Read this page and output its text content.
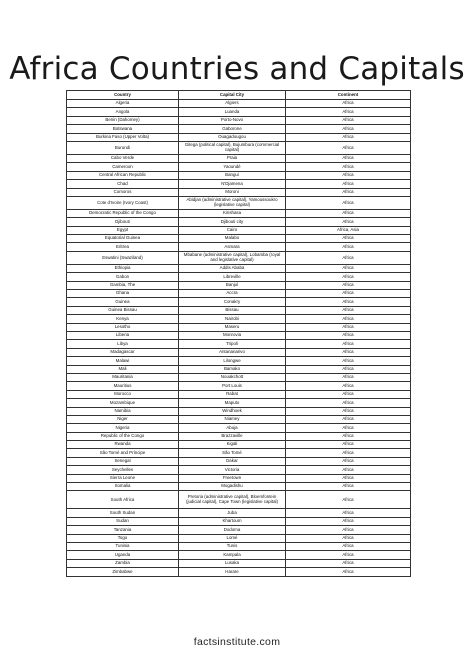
Africa Countries and Capitals
Country	Capital City	Continent
Algeria	Algiers	Africa
Angola	Luanda	Africa
Benin (Dahomey)	Porto-Novo	Africa
Botswana	Gaborone	Africa
Burkina Faso (Upper Volta)	Ouagadougou	Africa
Burundi	Gitega (political capital), Bujumbura (commercial capital)	Africa
Cabo Verde	Praia	Africa
Cameroon	Yaoundé	Africa
Central African Republic	Bangui	Africa
Chad	N'Djamena	Africa
Comoros	Moroni	Africa
Cote d'Ivoire (Ivory Coast)	Abidjan (administrative capital), Yamoussoukro (legislative capital)	Africa
Democratic Republic of the Congo	Kinshasa	Africa
Djibouti	Djibouti city	Africa
Egypt	Cairo	Africa, Asia
Equatorial Guinea	Malabo	Africa
Eritrea	Asmara	Africa
Eswatini (Swaziland)	Mbabane (administrative capital), Lobamba (royal and legislative capital)	Africa
Ethiopia	Addis Ababa	Africa
Gabon	Libreville	Africa
Gambia, The	Banjul	Africa
Ghana	Accra	Africa
Guinea	Conakry	Africa
Guinea Bissau	Bissau	Africa
Kenya	Nairobi	Africa
Lesotho	Maseru	Africa
Liberia	Monrovia	Africa
Libya	Tripoli	Africa
Madagascar	Antananarivo	Africa
Malawi	Lilongwe	Africa
Mali	Bamako	Africa
Mauritania	Nouakchott	Africa
Mauritius	Port Louis	Africa
Morocco	Rabat	Africa
Mozambique	Maputo	Africa
Namibia	Windhoek	Africa
Niger	Niamey	Africa
Nigeria	Abuja	Africa
Republic of the Congo	Brazzaville	Africa
Rwanda	Kigali	Africa
São Tomé and Príncipe	São Tomé	Africa
Senegal	Dakar	Africa
Seychelles	Victoria	Africa
Sierra Leone	Freetown	Africa
Somalia	Mogadishu	Africa
South Africa	Pretoria (administrative capital), Bloemfontein (judicial capital), Cape Town (legislative capital)	Africa
South Sudan	Juba	Africa
Sudan	Khartoum	Africa
Tanzania	Dodoma	Africa
Togo	Lomé	Africa
Tunisia	Tunis	Africa
Uganda	Kampala	Africa
Zambia	Lusaka	Africa
Zimbabwe	Harare	Africa
factsinstitute.com
